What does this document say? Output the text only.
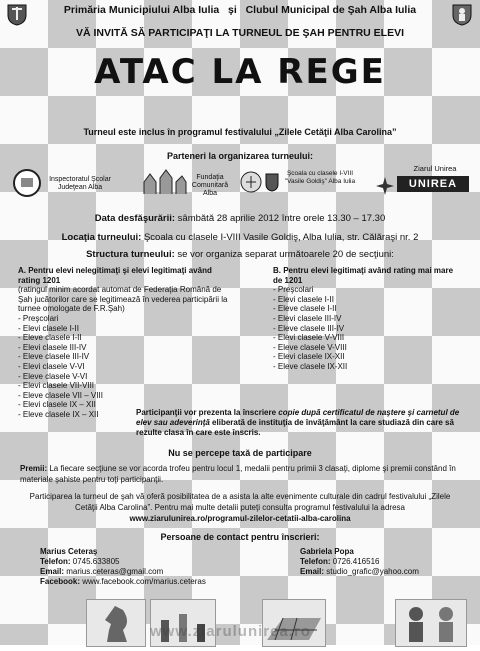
Primăria Municipiului Alba Iulia şi Clubul Municipal de Şah Alba Iulia
VĂ INVITĂ SĂ PARTICIPAŢI LA TURNEUL DE ŞAH PENTRU ELEVI
ATAC LA REGE
Turneul este inclus în programul festivalului „Zilele Cetăţii Alba Carolina”
Parteneri la organizarea turneului:
Inspectoratul Şcolar Judeţean Alba
Fundaţia Comunitară Alba
Şcoala cu clasele I-VIII "Vasile Goldiş" Alba Iulia
Ziarul Unirea
UNIREA
Data desfăşurării: sâmbătă 28 aprilie 2012 între orele 13.30 – 17.30
Locaţia turneului: Şcoala cu clasele I-VIII Vasile Goldiş, Alba Iulia, str. Călăraşi nr. 2
Structura turneului: se vor organiza separat următoarele 20 de secţiuni:
A. Pentru elevi nelegitimaţi şi elevi legitimaţi având rating 1201
(ratingul minim acordat automat de Federaţia Română de Şah jucătorilor care se legitimează în vederea participării la turnee omologate de F.R.Şah)
- Preşcolari
- Elevi clasele I-II
- Eleve clasele I-II
- Elevi clasele III-IV
- Eleve clasele III-IV
- Elevi clasele V-VI
- Eleve clasele V-VI
- Elevi clasele VII-VIII
- Eleve clasele VII – VIII
- Elevi clasele IX – XII
- Eleve clasele IX – XII
B. Pentru elevi legitimaţi având rating mai mare de 1201
- Preşcolari
- Elevi clasele I-II
- Eleve clasele I-II
- Elevi clasele III-IV
- Eleve clasele III-IV
- Elevi clasele V-VIII
- Eleve clasele V-VIII
- Elevi clasele IX-XII
- Eleve clasele IX-XII
Participanţii vor prezenta la înscriere copie după certificatul de naştere şi carnetul de elev sau adeverinţă eliberată de instituţia de învăţământ la care studiază din care să rezulte clasa în care este înscris.
Nu se percepe taxă de participare
Premii: La fiecare secţiune se vor acorda trofeu pentru locul 1, medalii pentru primii 3 clasaţi, diplome şi premii constând în materiale şahiste pentru toţi participanţii.
Participarea la turneul de şah vă oferă posibilitatea de a asista la alte evenimente culturale din cadrul festivalului „Zilele Cetăţii Alba Carolina”. Pentru mai multe detalii puteţi consulta programul festivalului la adresa www.ziarulunirea.ro/programul-zilelor-cetatii-alba-carolina
Persoane de contact pentru înscrieri:
Marius Ceteraş
Telefon: 0745.633805
Email: marius.ceteras@gmail.com
Facebook: www.facebook.com/marius.ceteras
Gabriela Popa
Telefon: 0726.416516
Email: studio_grafic@yahoo.com
www.ziarulunirea.ro
